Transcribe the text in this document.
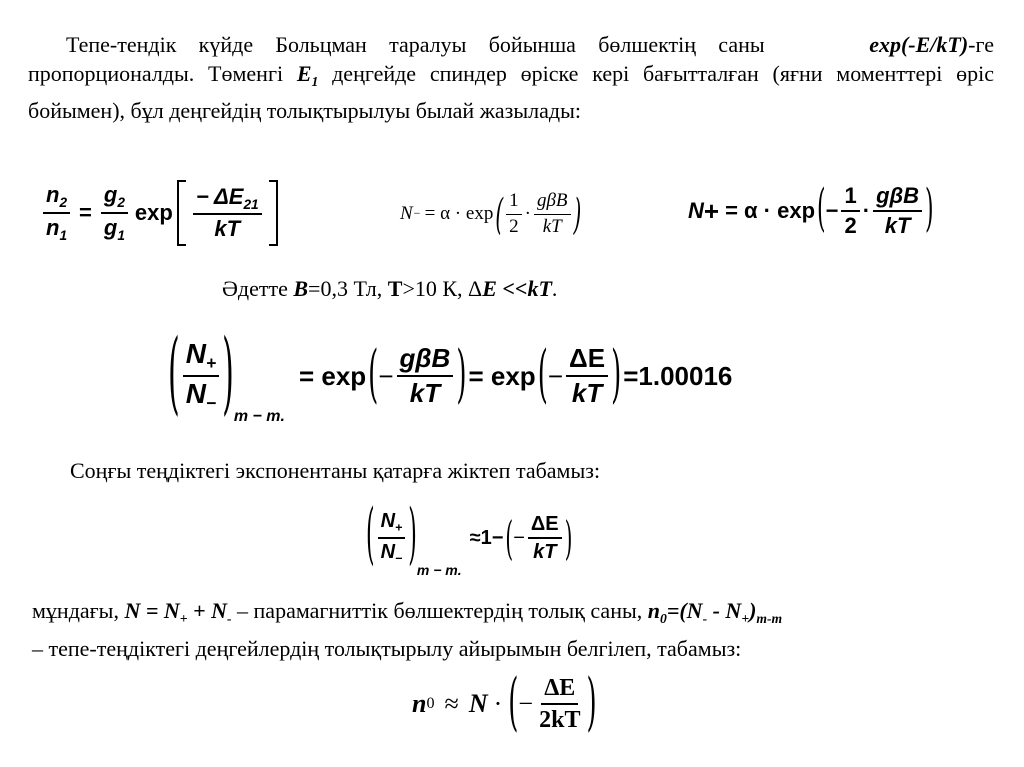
Тепе-тендік күйде Больцман таралуы бойынша бөлшектің саны	exp(-E/kT)-ге пропорционалды. Төменгі $E_1$ деңгейде спиндер өріске кері бағытталған (яғни моменттері өріс бойымен), бұл деңгейдің толықтырылуы былай жазылады:
$\frac{n_2}{n_1} = \frac{g_2}{g_1}$ $\exp \frac{- \Delta E_{21}}{kT}$	N − = α · exp ( $\frac{1}{2} \cdot \frac{\text{gβB}}{kT}$ )	N + = α · exp ( − $\frac{1}{2} \cdot \frac{\text{gβB}}{kT}$ )
Әдетте B=0,3 Тл, T>10 К, ΔE <<kT.
( $\frac{N_+}{N_-}$ ) m − m.
= exp ( − $\frac{\text{gβB}}{kT}$ ) = exp ( − $\frac{\Delta E}{kT}$ ) =1.00016
Соңғы теңдіктегі экспонентаны қатарға жіктеп табамыз:
( $\frac{N_+}{N_-}$ ) m − m.
≈1− ( − $\frac{\Delta E}{kT}$ )
мұндағы, $N = N_+ + N_-$ – парамагниттік бөлшектердің толық саны, $n_0=(N_- - N_+)_{m-m}$
– тепе-теңдіктегі деңгейлердің толықтырылу айырымын белгілеп, табамыз:
n 0 ≈ N · ( − $\frac{\Delta E}{2kT}$ )
